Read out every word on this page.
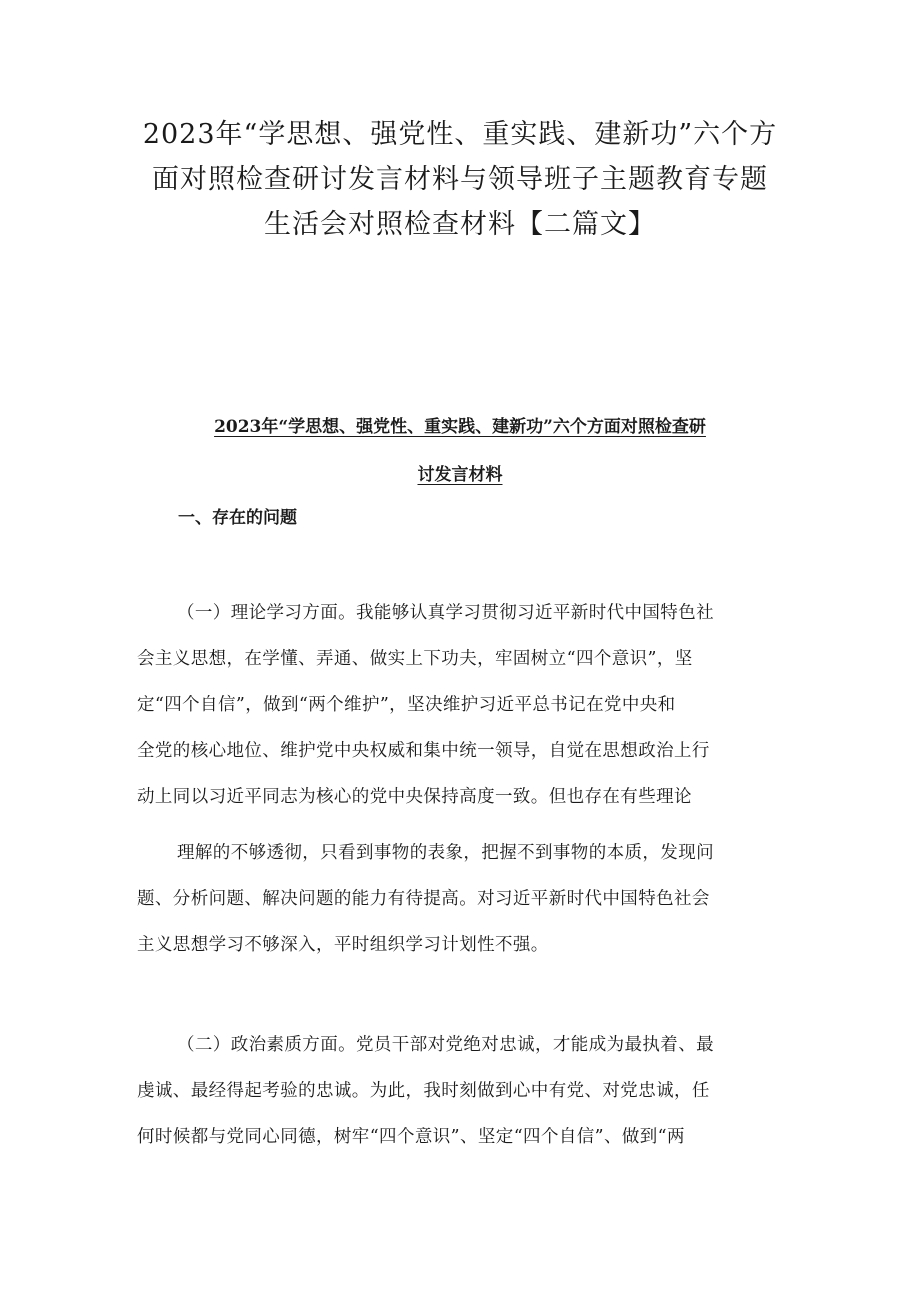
2023年“学思想、强党性、重实践、建新功”六个方
面对照检查研讨发言材料与领导班子主题教育专题
生活会对照检查材料【二篇文】
2023年“学思想、强党性、重实践、建新功”六个方面对照检查研
讨发言材料
一、存在的问题

（一）理论学习方面。我能够认真学习贯彻习近平新时代中国特色社
会主义思想，在学懂、弄通、做实上下功夫，牢固树立“四个意识”，坚
定“四个自信”，做到“两个维护”，坚决维护习近平总书记在党中央和
全党的核心地位、维护党中央权威和集中统一领导，自觉在思想政治上行
动上同以习近平同志为核心的党中央保持高度一致。但也存在有些理论

理解的不够透彻，只看到事物的表象，把握不到事物的本质，发现问
题、分析问题、解决问题的能力有待提高。对习近平新时代中国特色社会
主义思想学习不够深入，平时组织学习计划性不强。

（二）政治素质方面。党员干部对党绝对忠诚，才能成为最执着、最
虔诚、最经得起考验的忠诚。为此，我时刻做到心中有党、对党忠诚，任
何时候都与党同心同德，树牢“四个意识”、坚定“四个自信”、做到“两
